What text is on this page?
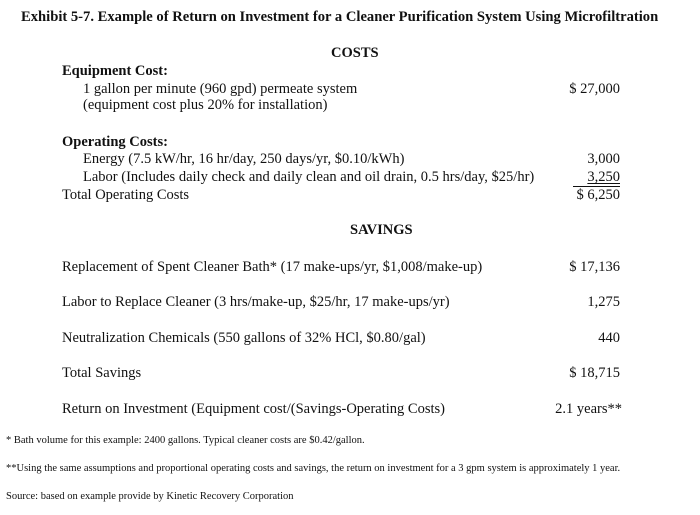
Exhibit 5-7. Example of Return on Investment for a Cleaner Purification System Using Microfiltration
COSTS
Equipment Cost:
1 gallon per minute (960 gpd) permeate system	$ 27,000
(equipment cost plus 20% for installation)
Operating Costs:
Energy (7.5 kW/hr, 16 hr/day, 250 days/yr, $0.10/kWh)	3,000
Labor (Includes daily check and daily clean and oil drain, 0.5 hrs/day, $25/hr)	3,250
Total Operating Costs	$ 6,250
SAVINGS
Replacement of Spent Cleaner Bath* (17 make-ups/yr, $1,008/make-up)	$ 17,136
Labor to Replace Cleaner (3 hrs/make-up, $25/hr, 17 make-ups/yr)	1,275
Neutralization Chemicals (550 gallons of 32% HCl, $0.80/gal)	440
Total Savings	$ 18,715
Return on Investment (Equipment cost/(Savings-Operating Costs)	2.1 years**
* Bath volume for this example: 2400 gallons. Typical cleaner costs are $0.42/gallon.
**Using the same assumptions and proportional operating costs and savings, the return on investment for a 3 gpm system is approximately 1 year.
Source: based on example provide by Kinetic Recovery Corporation
